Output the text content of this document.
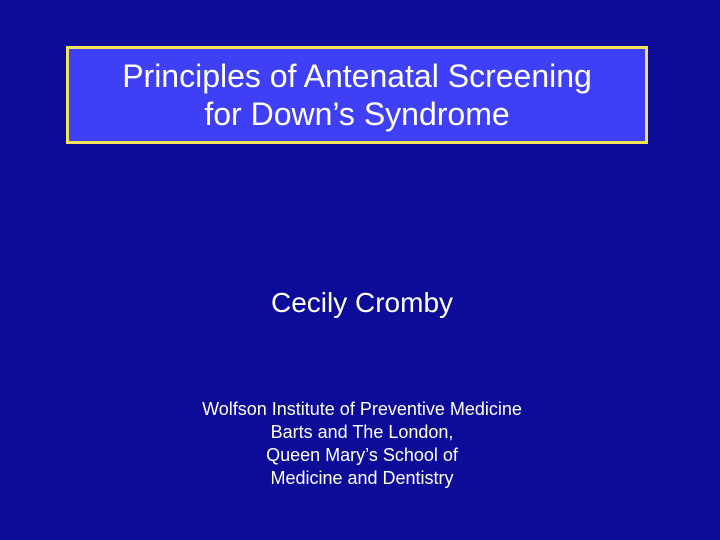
Principles of Antenatal Screening
for Down’s Syndrome
Cecily Cromby
Wolfson Institute of Preventive Medicine
Barts and The London,
Queen Mary’s School of
Medicine and Dentistry
